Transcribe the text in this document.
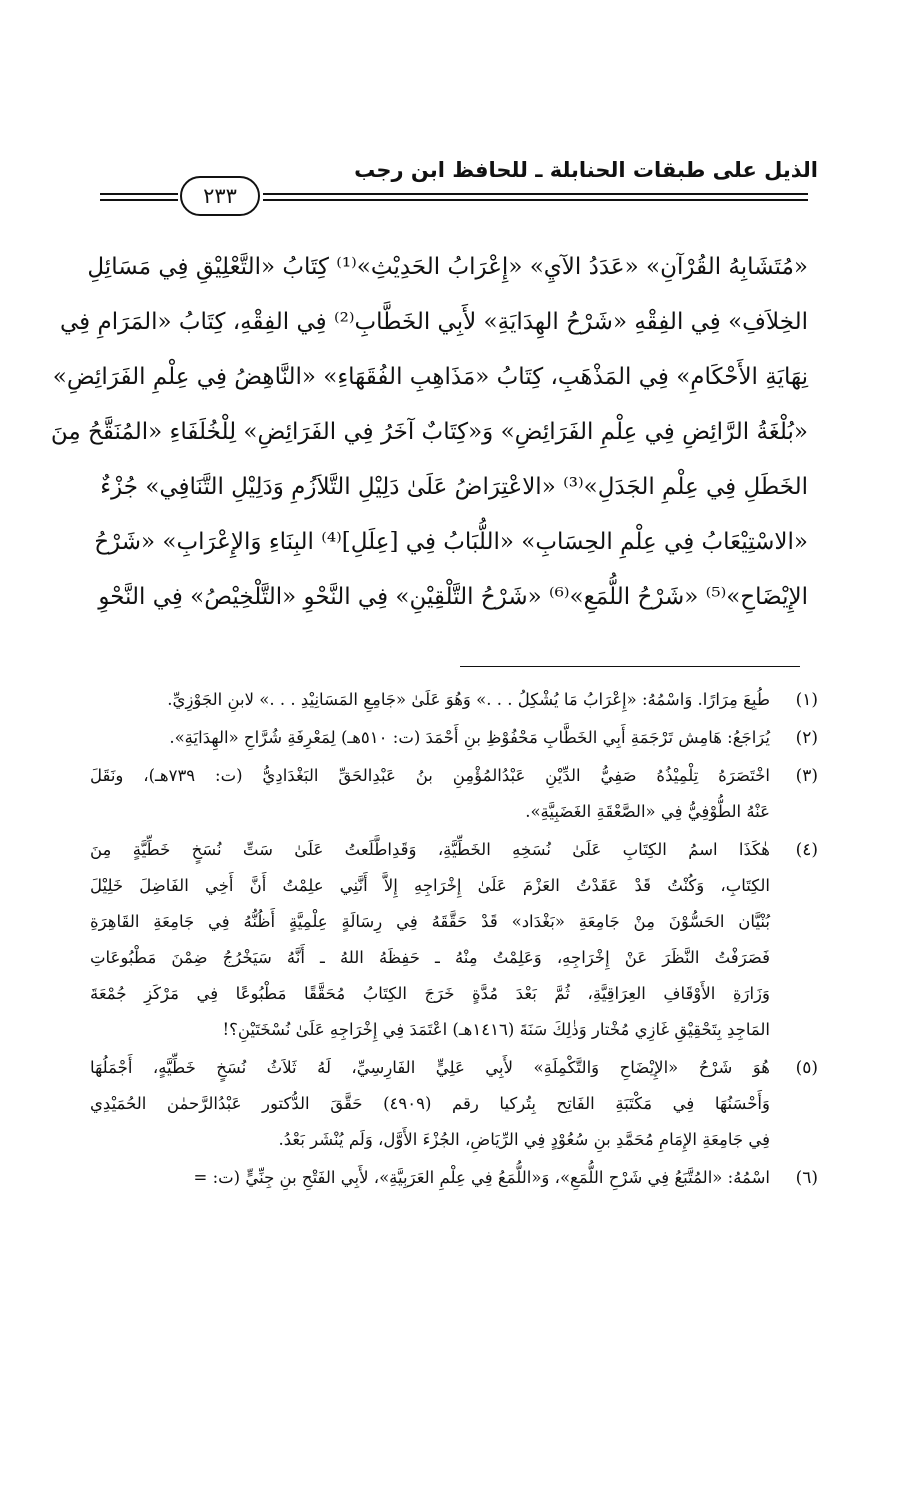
الذيل على طبقات الحنابلة ـ للحافظ ابن رجب
٢٣٣
«مُتَشَابِهُ القُرْآنِ» «عَدَدُ الآيِ» «إِعْرَابُ الحَدِيْثِ»⁽¹⁾ كِتَابُ «التَّعْلِيْقِ فِي مَسَائِلِ
الخِلاَفِ» فِي الفِقْهِ «شَرْحُ الهِدَايَةِ» لأَبِي الخَطَّابِ⁽²⁾ فِي الفِقْهِ، كِتَابُ «المَرَامِ فِي
نِهَايَةِ الأَحْكَامِ» فِي المَذْهَبِ، كِتَابُ «مَذَاهِبِ الفُقَهَاءِ» «النَّاهِضُ فِي عِلْمِ الفَرَائِضِ»
«بُلْغَةُ الرَّائِضِ فِي عِلْمِ الفَرَائِضِ» وَ«كِتَابٌ آخَرُ فِي الفَرَائِضِ» لِلْخُلَفَاءِ «المُنَقَّحُ مِنَ
الخَطَلِ فِي عِلْمِ الجَدَلِ»⁽³⁾ «الاعْتِرَاضُ عَلَىٰ دَلِيْلِ التَّلاَزُمِ وَدَلِيْلِ التَّنَافِي» جُزْءٌ
«الاسْتِيْعَابُ فِي عِلْمِ الحِسَابِ» «اللُّبَابُ فِي [عِلَلِ]⁽⁴⁾ البِنَاءِ وَالإِعْرَابِ» «شَرْحُ
الإِيْضَاحِ»⁽⁵⁾ «شَرْحُ اللُّمَعِ»⁽⁶⁾ «شَرْحُ التَّلْقِيْنِ» فِي النَّحْوِ «التَّلْخِيْصُ» فِي النَّحْوِ
(١)
طُبِعَ مِرَارًا. وَاسْمُهُ: «إِعْرَابُ مَا يُشْكِلُ . . .» وَهُوَ عَلَىٰ «جَامِعِ المَسَانِيْدِ . . .» لابنِ الجَوْزِيِّ.
(٢)
يُرَاجَعُ: هَامِش تَرْجَمَةِ أَبِي الخَطَّابِ مَحْفُوْظِ بنِ أَحْمَدَ (ت: ٥١٠هـ) لِمَعْرِفَةِ شُرَّاحِ «الهِدَايَةِ».
(٣)
اخْتَصَرَهُ تِلْمِيْذُهُ صَفِيُّ الدِّيْنِ عَبْدُالمُؤْمِنِ بنُ عَبْدِالحَقِّ البَغْدَادِيُّ (ت: ٧٣٩هـ)، ونَقَلَ
عَنْهُ الطُّوْفِيُّ فِي «الصَّعْقَةِ الغَضَبِيَّةِ».
(٤)
هٰكَذَا اسمُ الكِتَابِ عَلَىٰ نُسَخِهِ الخَطِّيَّةِ، وَقَدِاطَّلَعتُ عَلَىٰ سَتِّ نُسَخٍ خَطِّيَّةٍ مِنَ
الكِتَابِ، وَكُنْتُ قَدْ عَقَدْتُ العَزْمَ عَلَىٰ إِخْرَاجِهِ إِلاَّ أَنَّنِي علِمْتُ أَنَّ أَخِي الفَاضِلَ خَلِيْلَ
بُنْيَّان الحَسُّوْنَ مِنْ جَامِعَةِ «بَغْدَاد» قَدْ حَقَّقَهُ فِي رِسَالَةٍ عِلْمِيَّةٍ أَظُنُّهُ فِي جَامِعَةِ القَاهِرَةِ
فَصَرَفْتُ النَّظَرَ عَنْ إِخْرَاجِهِ، وَعَلِمْتُ مِنْهُ ـ حَفِظَهُ اللهُ ـ أَنَّهُ سَيَخْرُجُ ضِمْنَ مَطْبُوعَاتِ
وَزَارَةِ الأَوْقَافِ العِرَاقِيَّةِ، ثُمَّ بَعْدَ مُدَّةٍ خَرَجَ الكِتَابُ مُحَقَّقًا مَطْبُوعًا فِي مَرْكَزِ جُمْعَةَ
المَاجِدِ بِتَحْقِيْقِ غَازِي مُخْتار وَذٰلِكَ سَنَةَ (١٤١٦هـ) اعْتَمَدَ فِي إِخْرَاجِهِ عَلَىٰ نُسْخَتَيْنِ؟!
(٥)
هُوَ شَرْحُ «الإِيْضَاحِ وَالتَّكْمِلَةِ» لأَبِي عَلِيٍّ الفَارِسِيِّ، لَهُ ثَلاَثُ نُسَخٍ خَطِّيَّهٍ، أَجْمَلُهَا
وَأَحْسَنُهَا فِي مَكْتَبَةِ الفَاتِح بِتُركيا رقم (٤٩٠٩) حَقَّقَ الدُّكتور عَبْدُالرَّحمٰن الحُمَيْدِي
فِي جَامِعَةِ الإِمَامِ مُحَمَّدِ بنِ سُعُوْدٍ فِي الرِّيَاضِ، الجُزْءَ الأَوَّل، وَلَم يُنْشَر بَعْدُ.
(٦)
اسْمُهُ: «المُتَّبَعُ فِي شَرْحِ اللُّمَعِ»، وَ«اللُّمَعُ فِي عِلْمِ العَرَبِيَّةِ»، لأَبِي الفَتْحِ بنِ جِنِّيٍّ (ت: =
